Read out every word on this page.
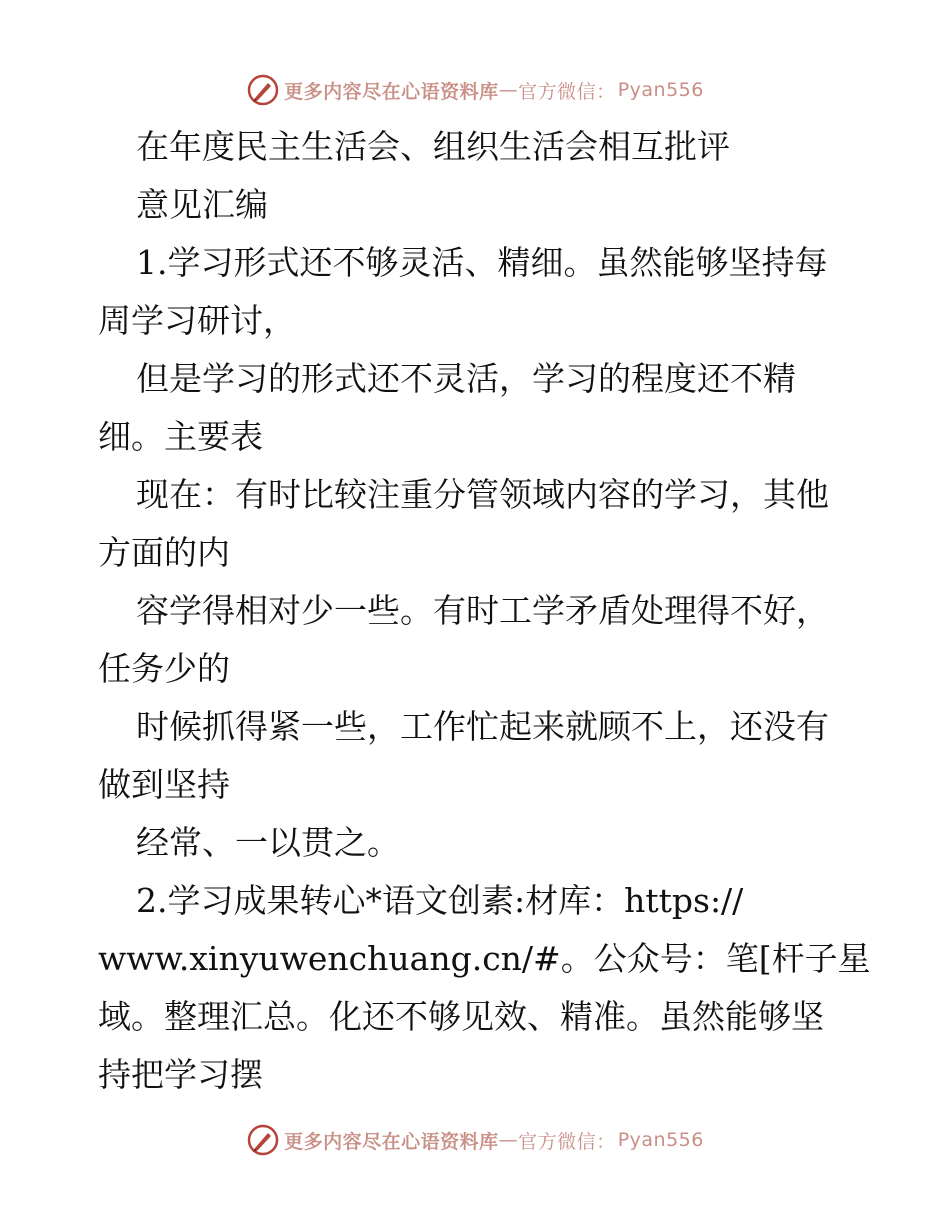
更多内容尽在心语资料库 — 官方微信： Pyan556
在年度民主生活会、组织生活会相互批评
意见汇编
1.学习形式还不够灵活、精细。虽然能够坚持每
周学习研讨，
但是学习的形式还不灵活，学习的程度还不精
细。主要表
现在：有时比较注重分管领域内容的学习，其他
方面的内
容学得相对少一些。有时工学矛盾处理得不好，
任务少的
时候抓得紧一些，工作忙起来就顾不上，还没有
做到坚持
经常、一以贯之。
2.学习成果转心*语文创素:材库：https://
www.xinyuwenchuang.cn/#。公众号：笔[杆子星
域。整理汇总。化还不够见效、精准。虽然能够坚
持把学习摆
更多内容尽在心语资料库 — 官方微信： Pyan556
